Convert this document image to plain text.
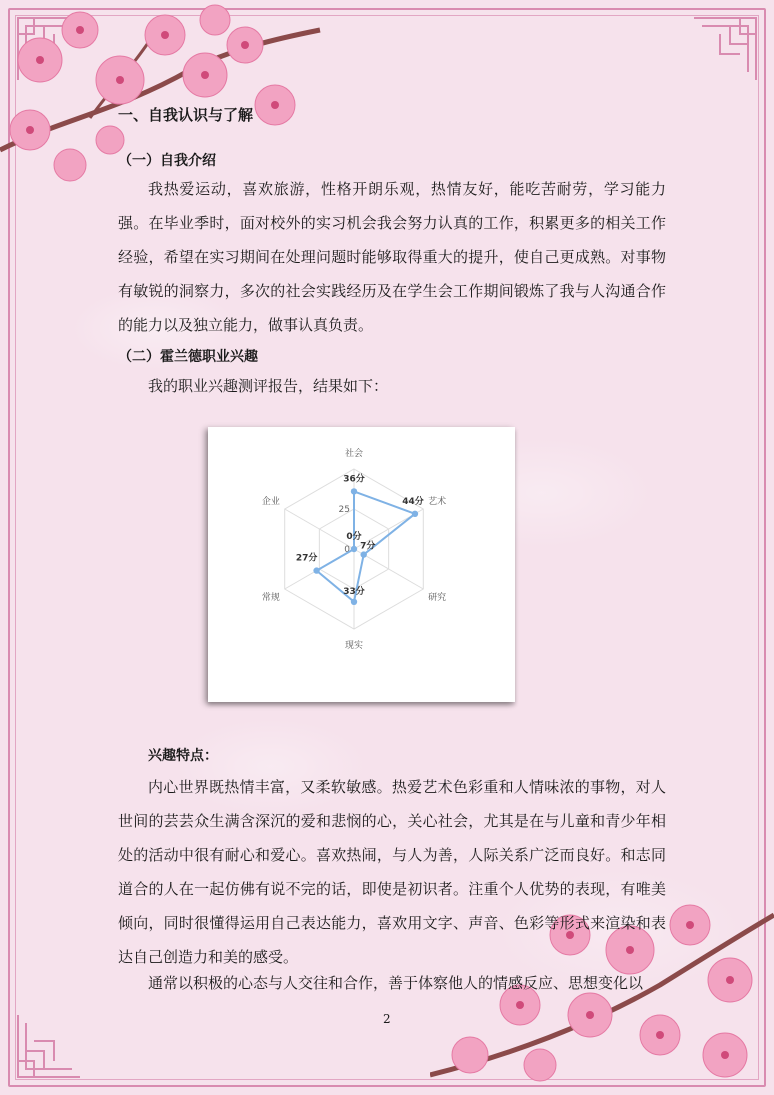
一、自我认识与了解
（一）自我介绍
我热爱运动，喜欢旅游，性格开朗乐观，热情友好，能吃苦耐劳，学习能力强。在毕业季时，面对校外的实习机会我会努力认真的工作，积累更多的相关工作经验，希望在实习期间在处理问题时能够取得重大的提升，使自己更成熟。对事物有敏锐的洞察力，多次的社会实践经历及在学生会工作期间锻炼了我与人沟通合作的能力以及独立能力，做事认真负责。
（二）霍兰德职业兴趣
我的职业兴趣测评报告，结果如下：
社会
艺术
研究
现实
常规
企业
0
25
36分
44分
7分
33分
27分
0分
兴趣特点：
内心世界既热情丰富，又柔软敏感。热爱艺术色彩重和人情味浓的事物，对人世间的芸芸众生满含深沉的爱和悲悯的心，关心社会，尤其是在与儿童和青少年相处的活动中很有耐心和爱心。喜欢热闹，与人为善，人际关系广泛而良好。和志同道合的人在一起仿佛有说不完的话，即使是初识者。注重个人优势的表现，有唯美倾向，同时很懂得运用自己表达能力，喜欢用文字、声音、色彩等形式来渲染和表达自己创造力和美的感受。
通常以积极的心态与人交往和合作，善于体察他人的情感反应、思想变化以
2
